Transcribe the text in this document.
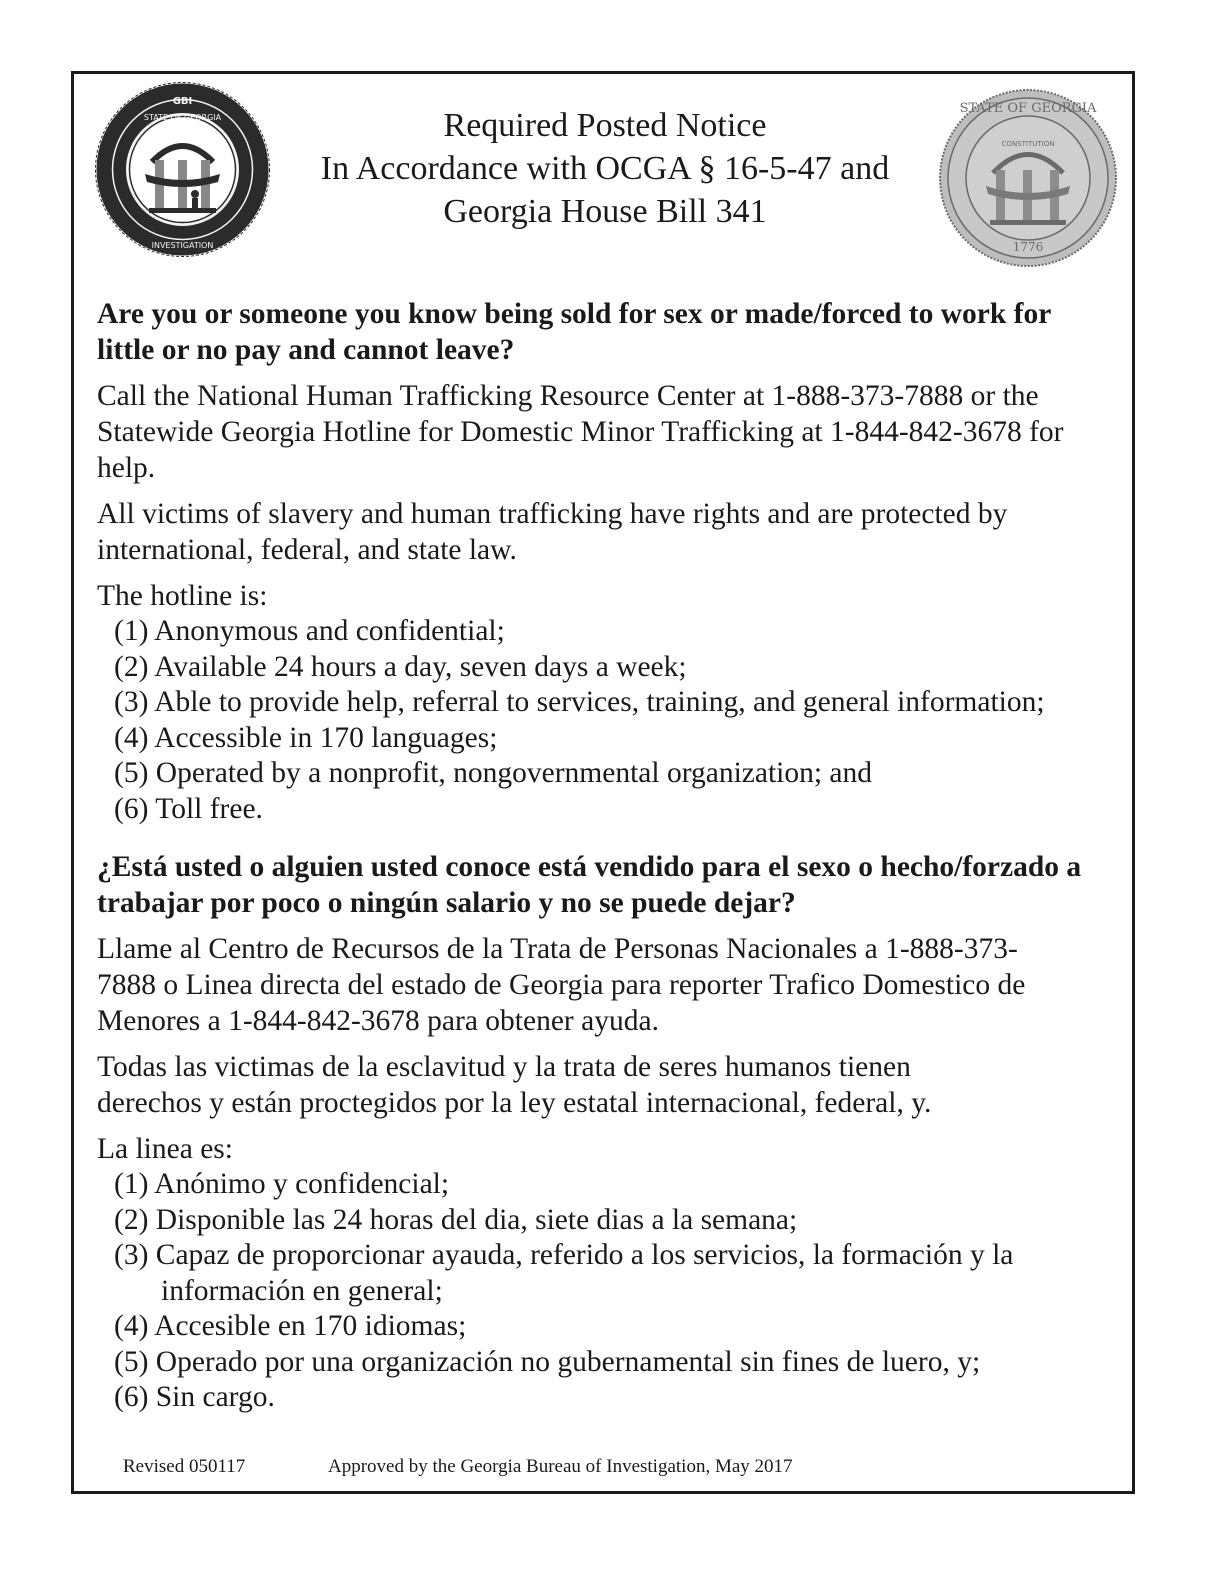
GBI
INVESTIGATION
STATE OF GEORGIA
STATE OF GEORGIA
1776
CONSTITUTION
Required Posted Notice
In Accordance with OCGA § 16-5-47 and
Georgia House Bill 341
Are you or someone you know being sold for sex or made/forced to work for little or no pay and cannot leave?
Call the National Human Trafficking Resource Center at 1-888-373-7888 or the Statewide Georgia Hotline for Domestic Minor Trafficking at 1-844-842-3678 for help.
All victims of slavery and human trafficking have rights and are protected by international, federal, and state law.
The hotline is:
(1) Anonymous and confidential;
(2) Available 24 hours a day, seven days a week;
(3) Able to provide help, referral to services, training, and general information;
(4) Accessible in 170 languages;
(5) Operated by a nonprofit, nongovernmental organization; and
(6) Toll free.
¿Está usted o alguien usted conoce está vendido para el sexo o hecho/forzado a trabajar por poco o ningún salario y no se puede dejar?
Llame al Centro de Recursos de la Trata de Personas Nacionales a 1-888-373-7888 o Linea directa del estado de Georgia para reporter Trafico Domestico de Menores a 1-844-842-3678 para obtener ayuda.
Todas las victimas de la esclavitud y la trata de seres humanos tienen derechos y están proctegidos por la ley estatal internacional, federal, y.
La linea es:
(1) Anónimo y confidencial;
(2) Disponible las 24 horas del dia, siete dias a la semana;
(3) Capaz de proporcionar ayauda, referido a los servicios, la formación y la información en general;
(4) Accesible en 170 idiomas;
(5) Operado por una organización no gubernamental sin fines de luero, y;
(6) Sin cargo.
Revised 050117	Approved by the Georgia Bureau of Investigation, May 2017
